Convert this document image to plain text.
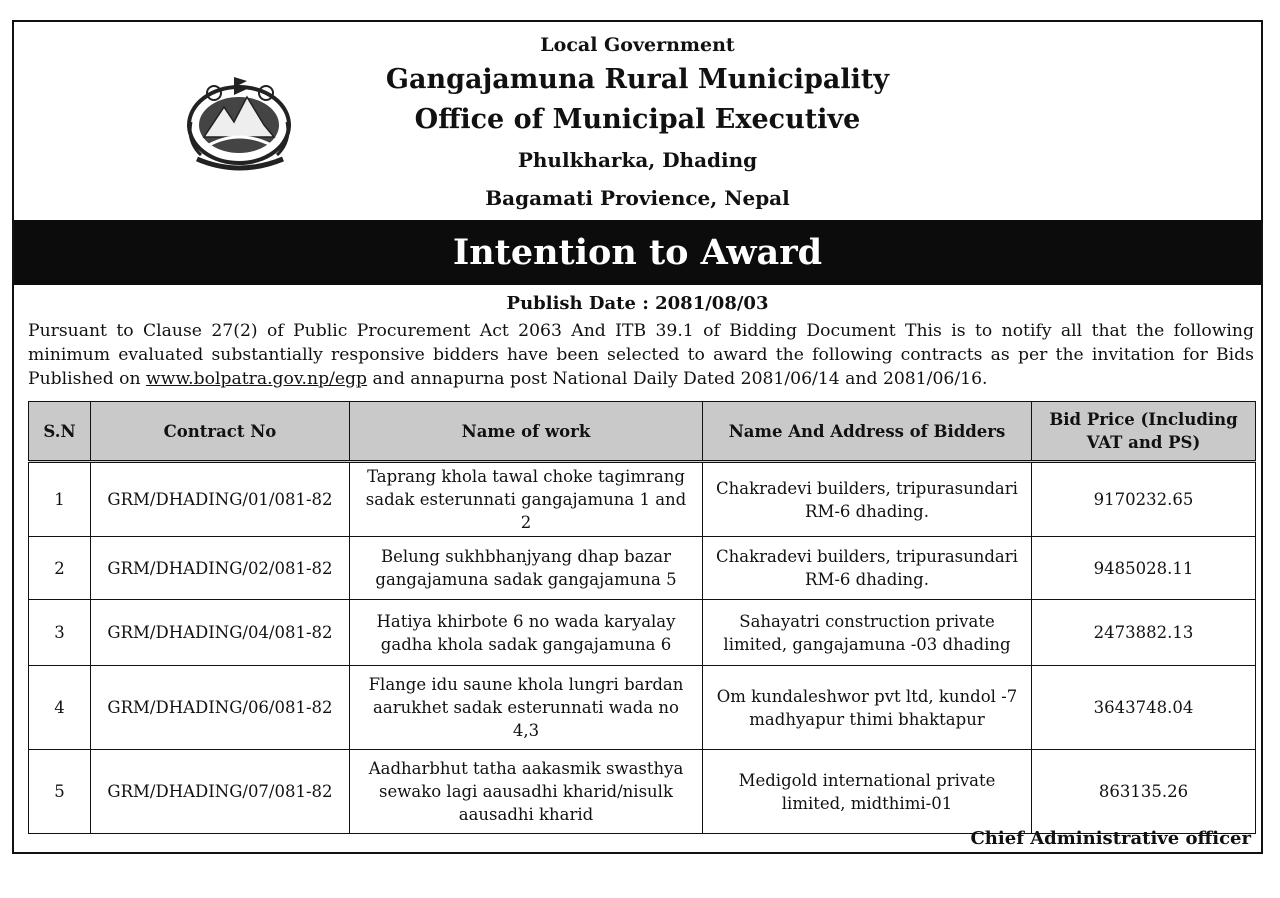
Local Government
Gangajamuna Rural Municipality
Office of Municipal Executive
Phulkharka, Dhading
Bagamati Provience, Nepal
Intention to Award
Publish Date : 2081/08/03
Pursuant to Clause 27(2) of Public Procurement Act 2063 And ITB 39.1 of Bidding Document This is to notify all that the following minimum evaluated substantially responsive bidders have been selected to award the following contracts as per the invitation for Bids Published on www.bolpatra.gov.np/egp and annapurna post National Daily Dated 2081/06/14 and 2081/06/16.
S.N	Contract No	Name of work	Name And Address of Bidders	Bid Price (Including VAT and PS)
1	GRM/DHADING/01/081-82	Taprang khola tawal choke tagimrang sadak esterunnati gangajamuna 1 and 2	Chakradevi builders, tripurasundari RM-6 dhading.	9170232.65
2	GRM/DHADING/02/081-82	Belung sukhbhanjyang dhap bazar gangajamuna sadak gangajamuna 5	Chakradevi builders, tripurasundari RM-6 dhading.	9485028.11
3	GRM/DHADING/04/081-82	Hatiya khirbote 6 no wada karyalay gadha khola sadak gangajamuna 6	Sahayatri construction private limited, gangajamuna -03 dhading	2473882.13
4	GRM/DHADING/06/081-82	Flange idu saune khola lungri bardan aarukhet sadak esterunnati wada no 4,3	Om kundaleshwor pvt ltd, kundol -7 madhyapur thimi bhaktapur	3643748.04
5	GRM/DHADING/07/081-82	Aadharbhut tatha aakasmik swasthya sewako lagi aausadhi kharid/nisulk aausadhi kharid	Medigold international private limited, midthimi-01	863135.26
Chief Administrative officer
